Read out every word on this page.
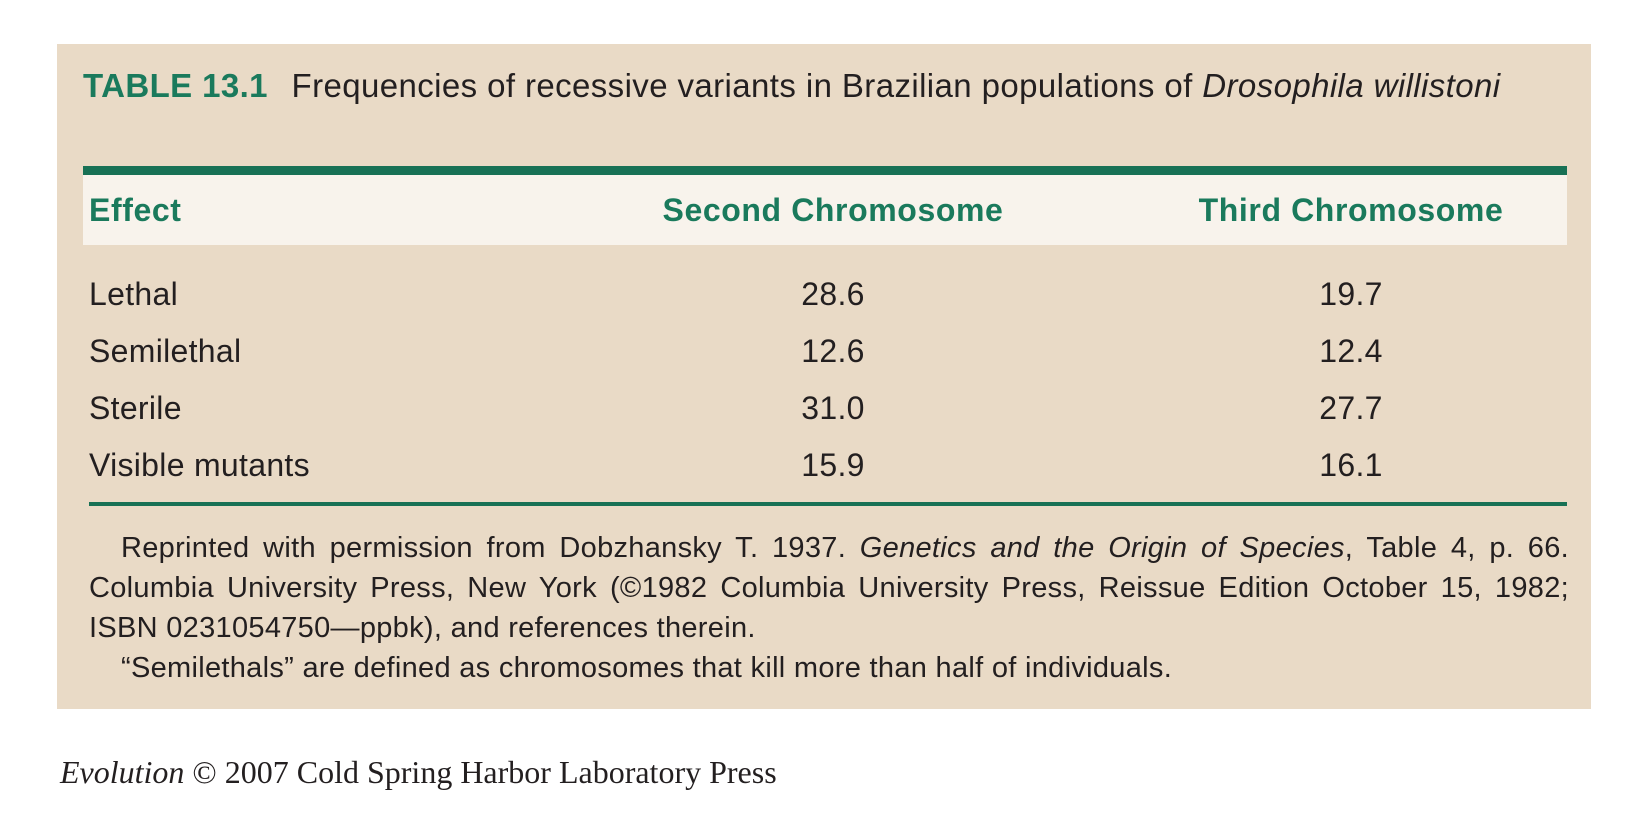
TABLE 13.1 Frequencies of recessive variants in Brazilian populations of Drosophila willistoni
Effect	Second Chromosome	Third Chromosome
Lethal	28.6	19.7
Semilethal	12.6	12.4
Sterile	31.0	27.7
Visible mutants	15.9	16.1

Reprinted with permission from Dobzhansky T. 1937. Genetics and the Origin of Species, Table 4, p. 66. Columbia University Press, New York (©1982 Columbia University Press, Reissue Edition October 15, 1982; ISBN 0231054750—ppbk), and references therein.

“Semilethals” are defined as chromosomes that kill more than half of individuals.

Evolution © 2007 Cold Spring Harbor Laboratory Press
